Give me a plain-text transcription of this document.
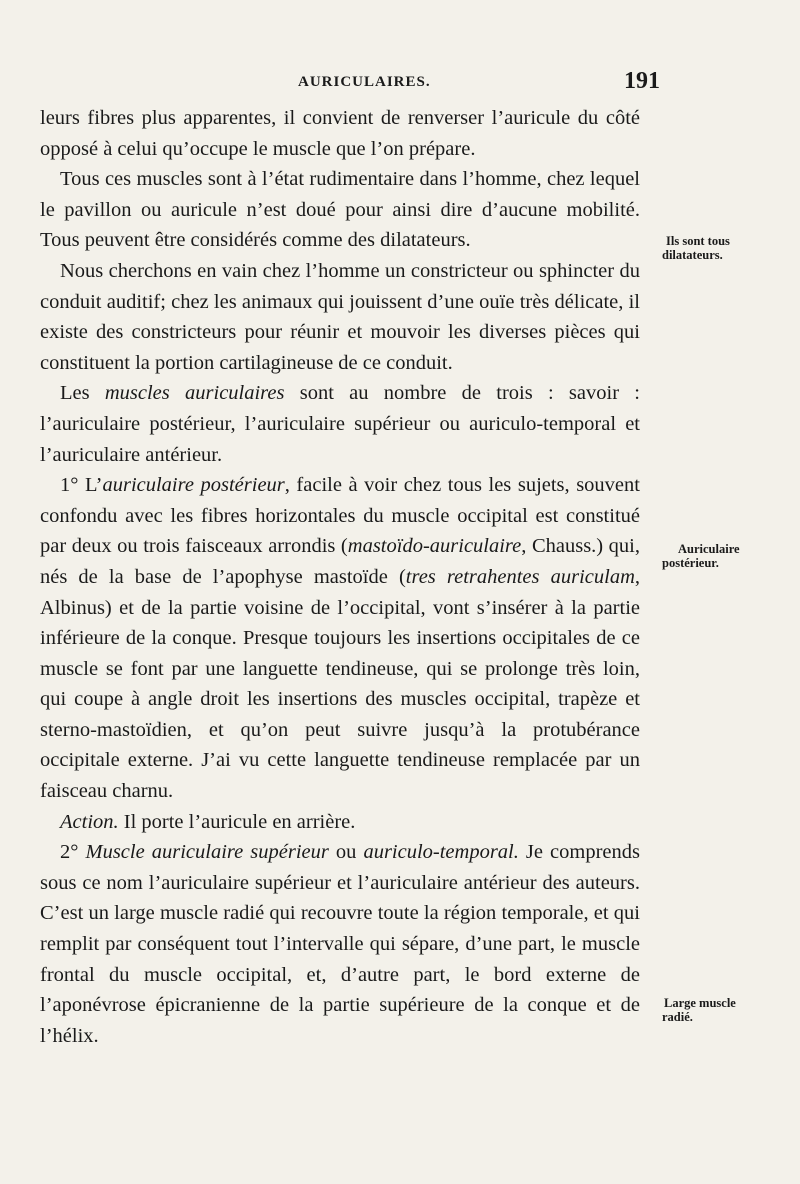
AURICULAIRES.	191

leurs fibres plus apparentes, il convient de renverser l’auricule du côté opposé à celui qu’occupe le muscle que l’on prépare.

Tous ces muscles sont à l’état rudimentaire dans l’homme, chez lequel le pavillon ou auricule n’est doué pour ainsi dire d’aucune mobilité. Tous peuvent être considérés comme des dilatateurs.

Nous cherchons en vain chez l’homme un constricteur ou sphincter du conduit auditif; chez les animaux qui jouissent d’une ouïe très délicate, il existe des constricteurs pour réunir et mouvoir les diverses pièces qui constituent la portion cartilagineuse de ce conduit.

Les muscles auriculaires sont au nombre de trois : savoir : l’auriculaire postérieur, l’auriculaire supérieur ou auriculo-temporal et l’auriculaire antérieur.

1° L’auriculaire postérieur, facile à voir chez tous les sujets, souvent confondu avec les fibres horizontales du muscle occipital est constitué par deux ou trois faisceaux arrondis (mastoïdo-auriculaire, Chauss.) qui, nés de la base de l’apophyse mastoïde (tres retrahentes auriculam, Albinus) et de la partie voisine de l’occipital, vont s’insérer à la partie inférieure de la conque. Presque toujours les insertions occipitales de ce muscle se font par une languette tendineuse, qui se prolonge très loin, qui coupe à angle droit les insertions des muscles occipital, trapèze et sterno-mastoïdien, et qu’on peut suivre jusqu’à la protubérance occipitale externe. J’ai vu cette languette tendineuse remplacée par un faisceau charnu.

Action. Il porte l’auricule en arrière.

2° Muscle auriculaire supérieur ou auriculo-temporal. Je comprends sous ce nom l’auriculaire supérieur et l’auriculaire antérieur des auteurs. C’est un large muscle radié qui recouvre toute la région temporale, et qui remplit par conséquent tout l’intervalle qui sépare, d’une part, le muscle frontal du muscle occipital, et, d’autre part, le bord externe de l’aponévrose épicranienne de la partie supérieure de la conque et de l’hélix.

Ils sont tous
dilatateurs.
Auriculaire
postérieur.
Large muscle
radié.
